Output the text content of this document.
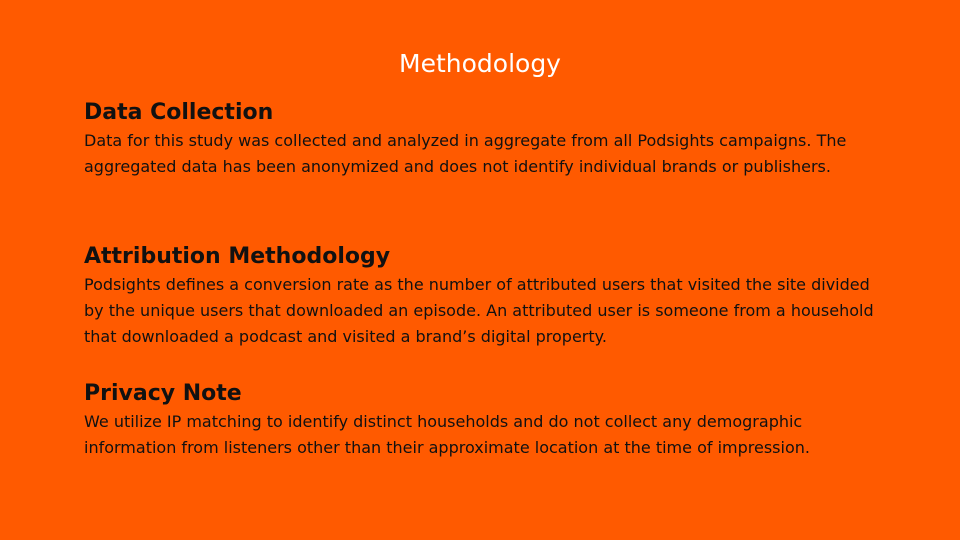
Methodology
Data Collection

Data for this study was collected and analyzed in aggregate from all Podsights campaigns. The aggregated data has been anonymized and does not identify individual brands or publishers.

Attribution Methodology

Podsights defines a conversion rate as the number of attributed users that visited the site divided by the unique users that downloaded an episode. An attributed user is someone from a household that downloaded a podcast and visited a brand’s digital property.

Privacy Note

We utilize IP matching to identify distinct households and do not collect any demographic information from listeners other than their approximate location at the time of impression.
